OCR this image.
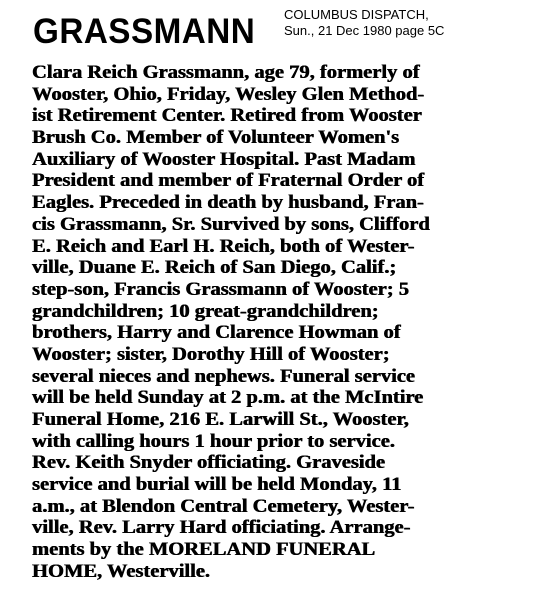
COLUMBUS DISPATCH,
Sun., 21 Dec 1980 page 5C
GRASSMANN
Clara Reich Grassmann, age 79, formerly of
Wooster, Ohio, Friday, Wesley Glen Method-
ist Retirement Center. Retired from Wooster
Brush Co. Member of Volunteer Women's
Auxiliary of Wooster Hospital. Past Madam
President and member of Fraternal Order of
Eagles. Preceded in death by husband, Fran-
cis Grassmann, Sr. Survived by sons, Clifford
E. Reich and Earl H. Reich, both of Wester-
ville, Duane E. Reich of San Diego, Calif.;
step-son, Francis Grassmann of Wooster; 5
grandchildren; 10 great-grandchildren;
brothers, Harry and Clarence Howman of
Wooster; sister, Dorothy Hill of Wooster;
several nieces and nephews. Funeral service
will be held Sunday at 2 p.m. at the McIntire
Funeral Home, 216 E. Larwill St., Wooster,
with calling hours 1 hour prior to service.
Rev. Keith Snyder officiating. Graveside
service and burial will be held Monday, 11
a.m., at Blendon Central Cemetery, Wester-
ville, Rev. Larry Hard officiating. Arrange-
ments by the MORELAND FUNERAL
HOME, Westerville.
